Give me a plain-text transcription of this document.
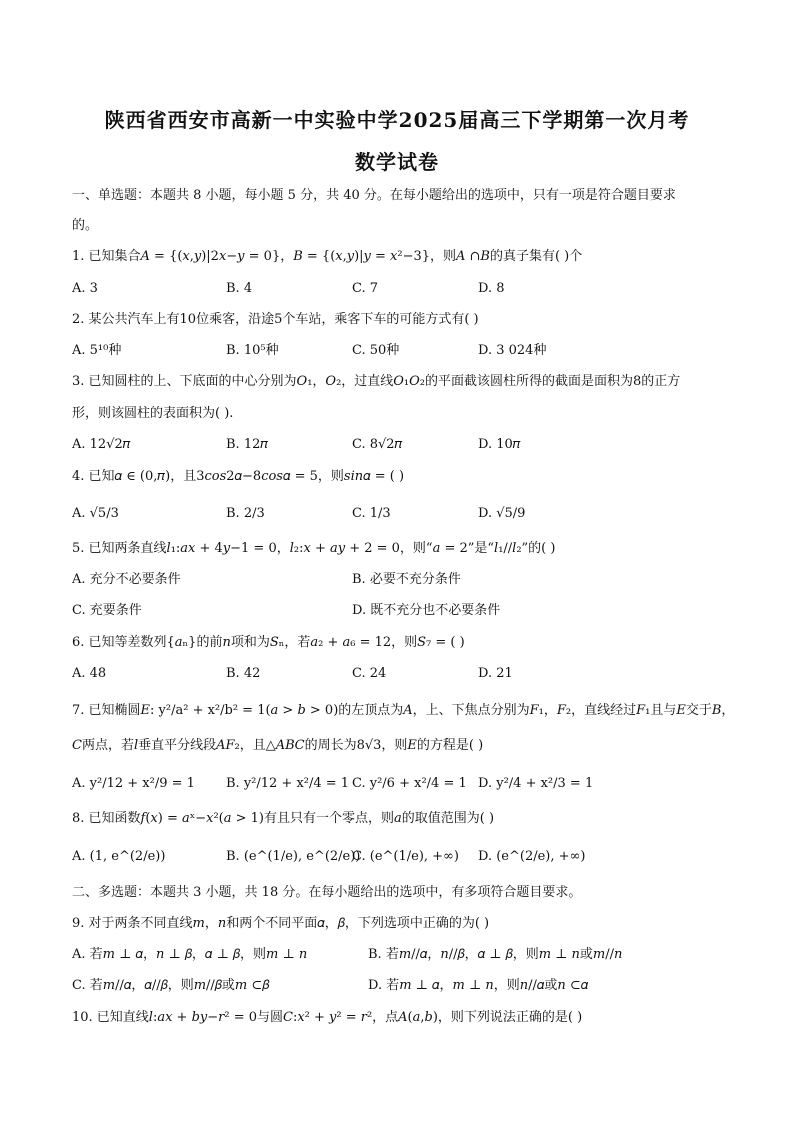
陕西省西安市高新一中实验中学2025届高三下学期第一次月考
数学试卷
一、单选题：本题共 8 小题，每小题 5 分，共 40 分。在每小题给出的选项中，只有一项是符合题目要求
的。
1. 已知集合𝐴 = {(𝑥,𝑦)|2𝑥−𝑦 = 0}，𝐵 = {(𝑥,𝑦)|𝑦 = 𝑥²−3}，则𝐴 ∩𝐵的真子集有( )个
A. 3	B. 4	C. 7	D. 8
2. 某公共汽车上有10位乘客，沿途5个车站，乘客下车的可能方式有( )
A. 5¹⁰种	B. 10⁵种	C. 50种	D. 3 024种
3. 已知圆柱的上、下底面的中心分别为𝑂₁，𝑂₂，过直线𝑂₁𝑂₂的平面截该圆柱所得的截面是面积为8的正方
形，则该圆柱的表面积为( ).
A. 12√2𝜋	B. 12𝜋	C. 8√2𝜋	D. 10𝜋
4. 已知𝛼 ∈ (0,𝜋)，且3𝑐𝑜𝑠2𝛼−8𝑐𝑜𝑠𝛼 = 5，则𝑠𝑖𝑛𝛼 = ( )
A. √5/3	B. 2/3	C. 1/3	D. √5/9
5. 已知两条直线𝑙₁:𝑎𝑥 + 4𝑦−1 = 0，𝑙₂:𝑥 + 𝑎𝑦 + 2 = 0，则“𝑎 = 2”是“𝑙₁//𝑙₂”的( )
A. 充分不必要条件	B. 必要不充分条件
C. 充要条件	D. 既不充分也不必要条件
6. 已知等差数列{𝑎ₙ}的前𝑛项和为𝑆ₙ，若𝑎₂ + 𝑎₆ = 12，则𝑆₇ = ( )
A. 48	B. 42	C. 24	D. 21
7. 已知椭圆𝐸: y²/a² + x²/b² = 1(𝑎 > 𝑏 > 0)的左顶点为𝐴，上、下焦点分别为𝐹₁，𝐹₂，直线经过𝐹₁且与𝐸交于𝐵，
𝐶两点，若𝑙垂直平分线段𝐴𝐹₂，且△𝐴𝐵𝐶的周长为8√3，则𝐸的方程是( )
A. y²/12 + x²/9 = 1 B. y²/12 + x²/4 = 1 C. y²/6 + x²/4 = 1 D. y²/4 + x²/3 = 1
8. 已知函数𝑓(𝑥) = 𝑎ˣ−𝑥²(𝑎 > 1)有且只有一个零点，则𝑎的取值范围为( )
A. (1, e^(2/e))	B. (e^(1/e), e^(2/e))
C. (e^(1/e), +∞) D. (e^(2/e), +∞)
二、多选题：本题共 3 小题，共 18 分。在每小题给出的选项中，有多项符合题目要求。
9. 对于两条不同直线𝑚，𝑛和两个不同平面𝛼，𝛽，下列选项中正确的为( )
A. 若𝑚 ⊥ 𝛼，𝑛 ⊥ 𝛽，𝛼 ⊥ 𝛽，则𝑚 ⊥ 𝑛	B. 若𝑚//𝛼，𝑛//𝛽，𝛼 ⊥ 𝛽，则𝑚 ⊥ 𝑛或𝑚//𝑛
C. 若𝑚//𝛼，𝛼//𝛽，则𝑚//𝛽或𝑚 ⊂𝛽	D. 若𝑚 ⊥ 𝛼，𝑚 ⊥ 𝑛，则𝑛//𝛼或𝑛 ⊂𝛼
10. 已知直线𝑙:𝑎𝑥 + 𝑏𝑦−𝑟² = 0与圆𝐶:𝑥² + 𝑦² = 𝑟²，点𝐴(𝑎,𝑏)，则下列说法正确的是( )
